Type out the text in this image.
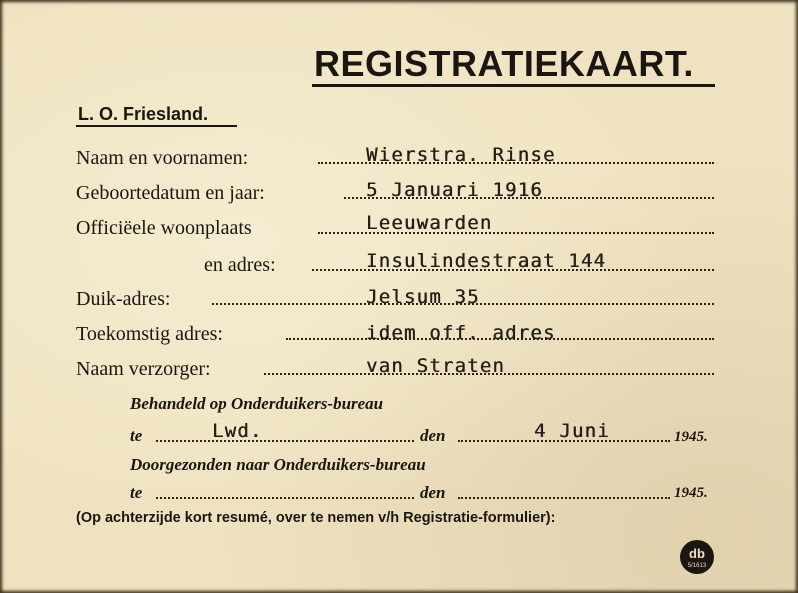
REGISTRATIEKAART.
L. O. Friesland.
Naam en voornamen:	Wierstra. Rinse
Geboortedatum en jaar:	5 Januari 1916
Officiëele woonplaats	Leeuwarden
en adres:	Insulindestraat 144
Duik-adres:	Jelsum 35
Toekomstig adres:	idem off. adres
Naam verzorger:	van Straten
Behandeld op Onderduikers-bureau
te	Lwd.	den	4 Juni	1945.
Doorgezonden naar Onderduikers-bureau
te	den	1945.
(Op achterzijde kort resumé, over te nemen v/h Registratie-formulier):
db
5/1613
